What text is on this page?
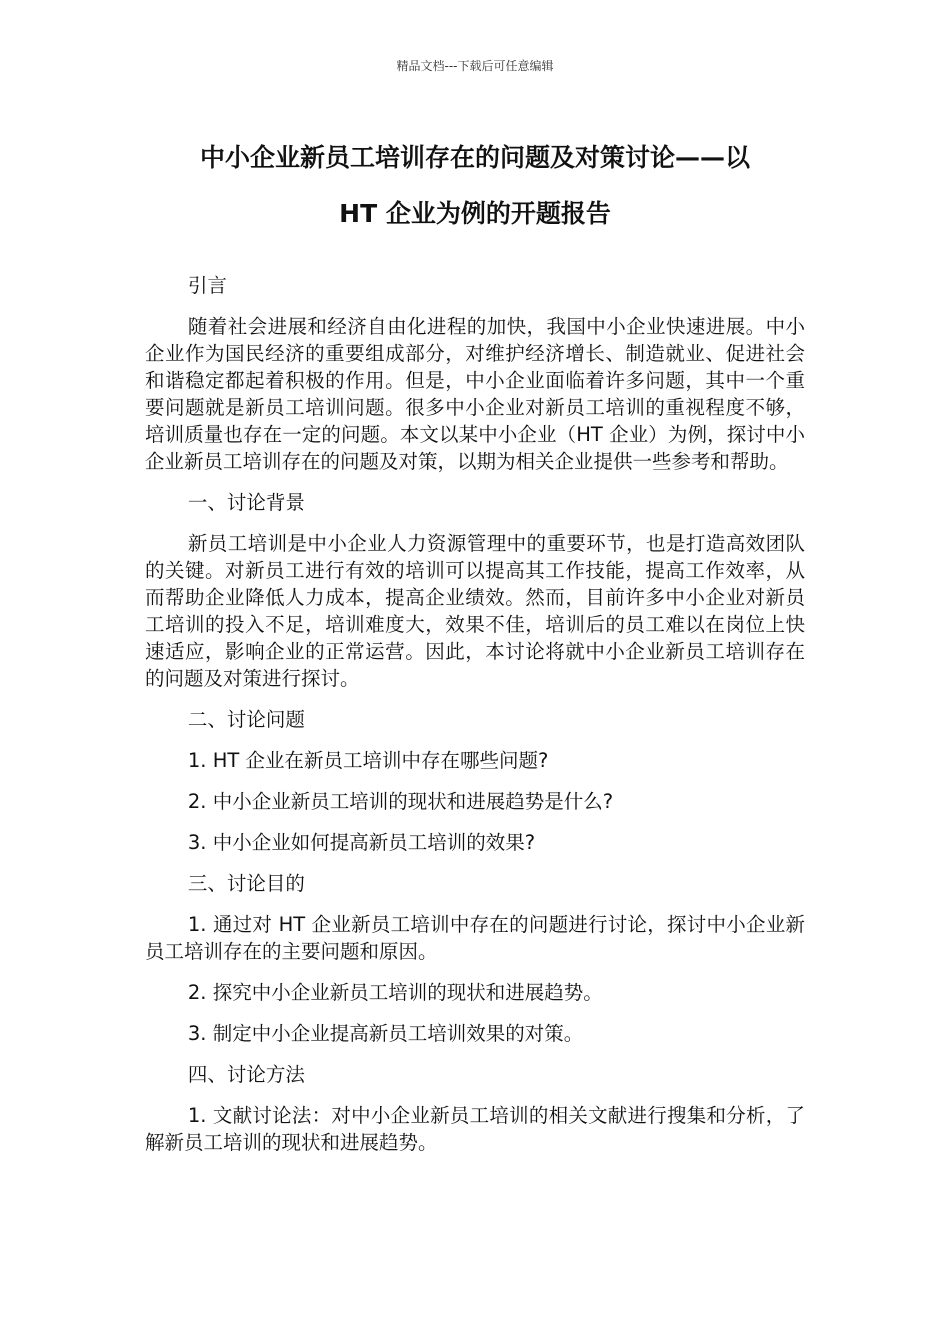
精品文档---下载后可任意编辑
中小企业新员工培训存在的问题及对策讨论——以
HT 企业为例的开题报告

引言

随着社会进展和经济自由化进程的加快，我国中小企业快速进展。中小企业作为国民经济的重要组成部分，对维护经济增长、制造就业、促进社会和谐稳定都起着积极的作用。但是，中小企业面临着许多问题，其中一个重要问题就是新员工培训问题。很多中小企业对新员工培训的重视程度不够，培训质量也存在一定的问题。本文以某中小企业（HT 企业）为例，探讨中小企业新员工培训存在的问题及对策，以期为相关企业提供一些参考和帮助。

一、讨论背景

新员工培训是中小企业人力资源管理中的重要环节，也是打造高效团队的关键。对新员工进行有效的培训可以提高其工作技能，提高工作效率，从而帮助企业降低人力成本，提高企业绩效。然而，目前许多中小企业对新员工培训的投入不足，培训难度大，效果不佳，培训后的员工难以在岗位上快速适应，影响企业的正常运营。因此，本讨论将就中小企业新员工培训存在的问题及对策进行探讨。

二、讨论问题

1. HT 企业在新员工培训中存在哪些问题?

2. 中小企业新员工培训的现状和进展趋势是什么?

3. 中小企业如何提高新员工培训的效果?

三、讨论目的

1. 通过对 HT 企业新员工培训中存在的问题进行讨论，探讨中小企业新员工培训存在的主要问题和原因。

2. 探究中小企业新员工培训的现状和进展趋势。

3. 制定中小企业提高新员工培训效果的对策。

四、讨论方法

1. 文献讨论法：对中小企业新员工培训的相关文献进行搜集和分析，了解新员工培训的现状和进展趋势。
